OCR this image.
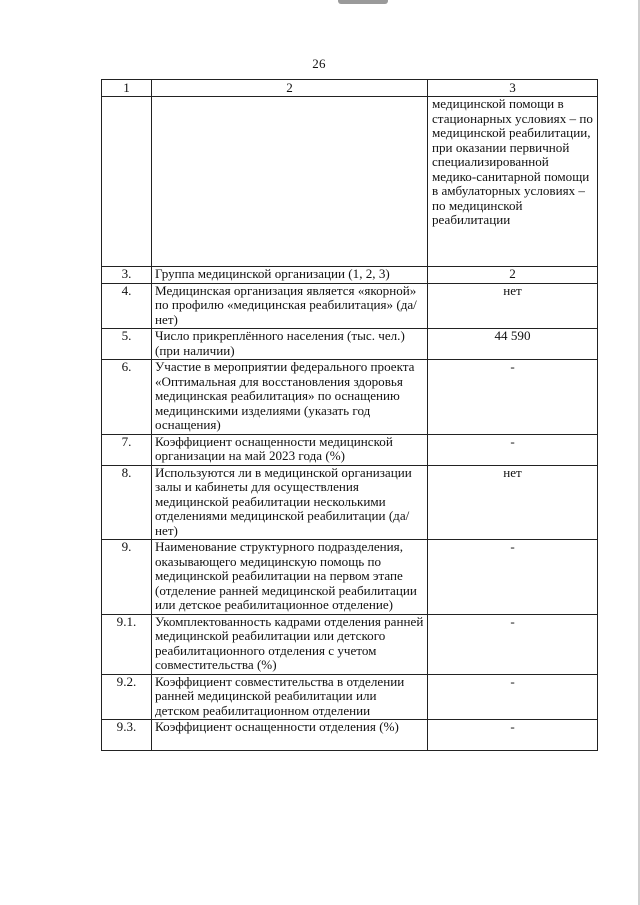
26
1	2	3
		медицинской помощи в стационарных условиях – по медицинской реабилитации, при оказании первичной специализированной медико-санитарной помощи в амбулаторных условиях – по медицинской реабилитации
3.	Группа медицинской организации (1, 2, 3)	2
4.	Медицинская организация является «якорной» по профилю «медицинская реабилитация» (да/нет)	нет
5.	Число прикреплённого населения (тыс. чел.) (при наличии)	44 590
6.	Участие в мероприятии федерального проекта «Оптимальная для восстановления здоровья медицинская реабилитация» по оснащению медицинскими изделиями (указать год оснащения)	-
7.	Коэффициент оснащенности медицинской организации на май 2023 года (%)	-
8.	Используются ли в медицинской организации залы и кабинеты для осуществления медицинской реабилитации несколькими отделениями медицинской реабилитации (да/нет)	нет
9.	Наименование структурного подразделения, оказывающего медицинскую помощь по медицинской реабилитации на первом этапе (отделение ранней медицинской реабилитации или детское реабилитационное отделение)	-
9.1.	Укомплектованность кадрами отделения ранней медицинской реабилитации или детского реабилитационного отделения с учетом совместительства (%)	-
9.2.	Коэффициент совместительства в отделении ранней медицинской реабилитации или детском реабилитационном отделении	-
9.3.	Коэффициент оснащенности отделения (%)	-
